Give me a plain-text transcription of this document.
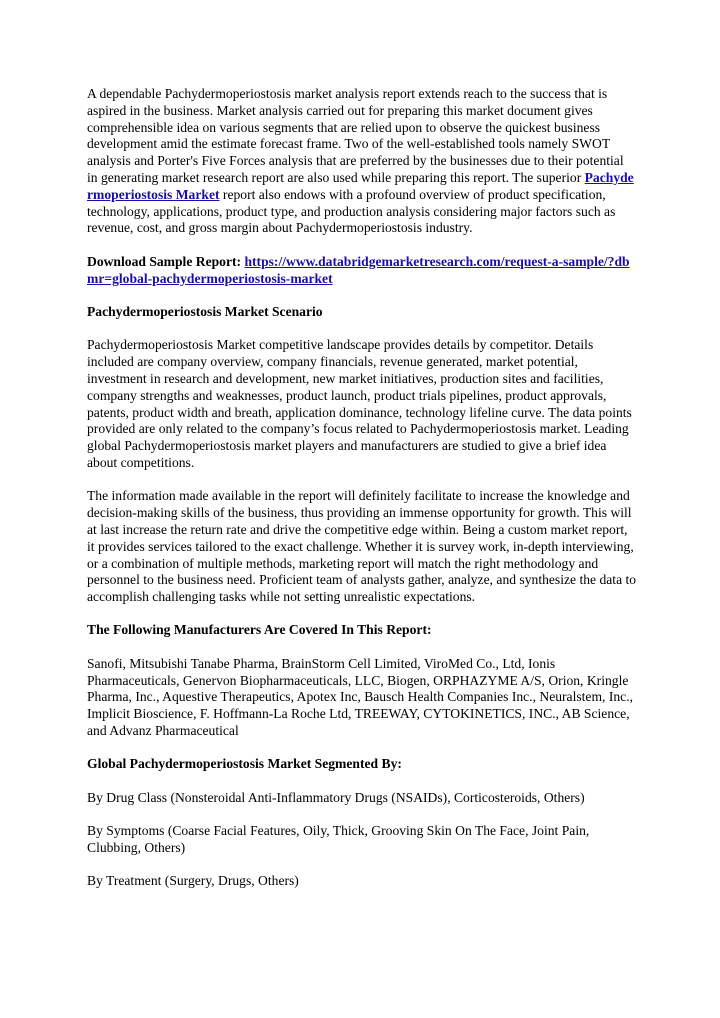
A dependable Pachydermoperiostosis market analysis report extends reach to the success that is aspired in the business. Market analysis carried out for preparing this market document gives comprehensible idea on various segments that are relied upon to observe the quickest business development amid the estimate forecast frame. Two of the well-established tools namely SWOT analysis and Porter's Five Forces analysis that are preferred by the businesses due to their potential in generating market research report are also used while preparing this report. The superior Pachydermoperiostosis Market report also endows with a profound overview of product specification, technology, applications, product type, and production analysis considering major factors such as revenue, cost, and gross margin about Pachydermoperiostosis industry.

Download Sample Report: https://www.databridgemarketresearch.com/request-a-sample/?dbmr=global-pachydermoperiostosis-market

Pachydermoperiostosis Market Scenario

Pachydermoperiostosis Market competitive landscape provides details by competitor. Details included are company overview, company financials, revenue generated, market potential, investment in research and development, new market initiatives, production sites and facilities, company strengths and weaknesses, product launch, product trials pipelines, product approvals, patents, product width and breath, application dominance, technology lifeline curve. The data points provided are only related to the company’s focus related to Pachydermoperiostosis market. Leading global Pachydermoperiostosis market players and manufacturers are studied to give a brief idea about competitions.

The information made available in the report will definitely facilitate to increase the knowledge and decision-making skills of the business, thus providing an immense opportunity for growth. This will at last increase the return rate and drive the competitive edge within. Being a custom market report, it provides services tailored to the exact challenge. Whether it is survey work, in-depth interviewing, or a combination of multiple methods, marketing report will match the right methodology and personnel to the business need. Proficient team of analysts gather, analyze, and synthesize the data to accomplish challenging tasks while not setting unrealistic expectations.

The Following Manufacturers Are Covered In This Report:

Sanofi, Mitsubishi Tanabe Pharma, BrainStorm Cell Limited, ViroMed Co., Ltd, Ionis Pharmaceuticals, Genervon Biopharmaceuticals, LLC, Biogen, ORPHAZYME A/S, Orion, Kringle Pharma, Inc., Aquestive Therapeutics, Apotex Inc, Bausch Health Companies Inc., Neuralstem, Inc., Implicit Bioscience, F. Hoffmann-La Roche Ltd, TREEWAY, CYTOKINETICS, INC., AB Science, and Advanz Pharmaceutical

Global Pachydermoperiostosis Market Segmented By:

By Drug Class (Nonsteroidal Anti-Inflammatory Drugs (NSAIDs), Corticosteroids, Others)

By Symptoms (Coarse Facial Features, Oily, Thick, Grooving Skin On The Face, Joint Pain, Clubbing, Others)

By Treatment (Surgery, Drugs, Others)
